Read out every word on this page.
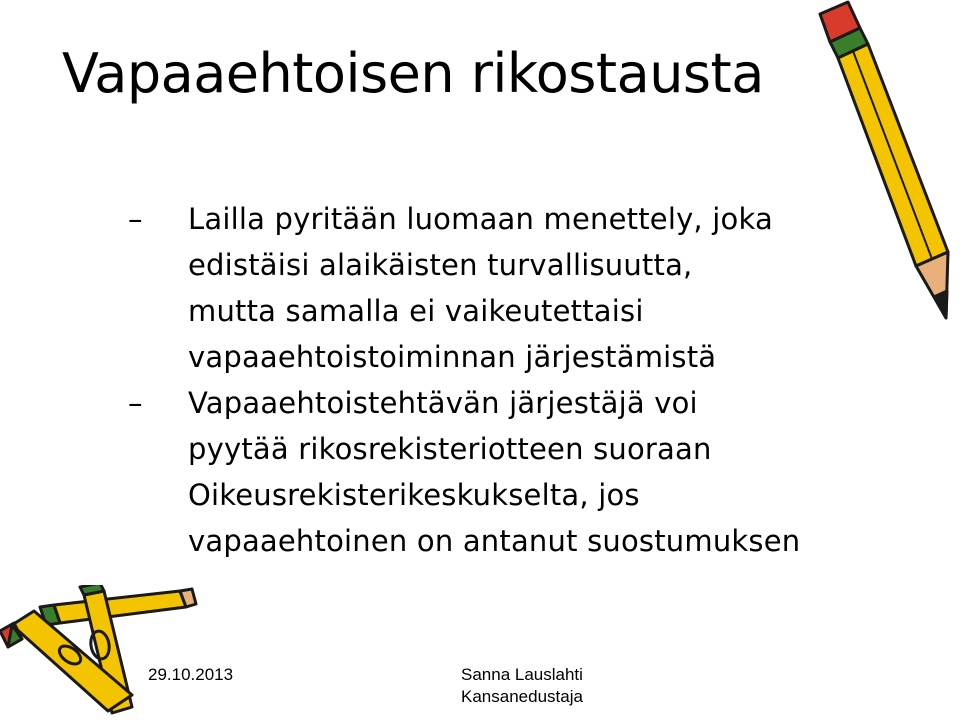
Vapaaehtoisen rikostausta
– Lailla pyritään luomaan menettely, joka
edistäisi alaikäisten turvallisuutta,
mutta samalla ei vaikeutettaisi
vapaaehtoistoiminnan järjestämistä
– Vapaaehtoistehtävän järjestäjä voi
pyytää rikosrekisteriotteen suoraan
Oikeusrekisterikeskukselta, jos
vapaaehtoinen on antanut suostumuksen
29.10.2013	Sanna Lauslahti
Kansanedustaja
